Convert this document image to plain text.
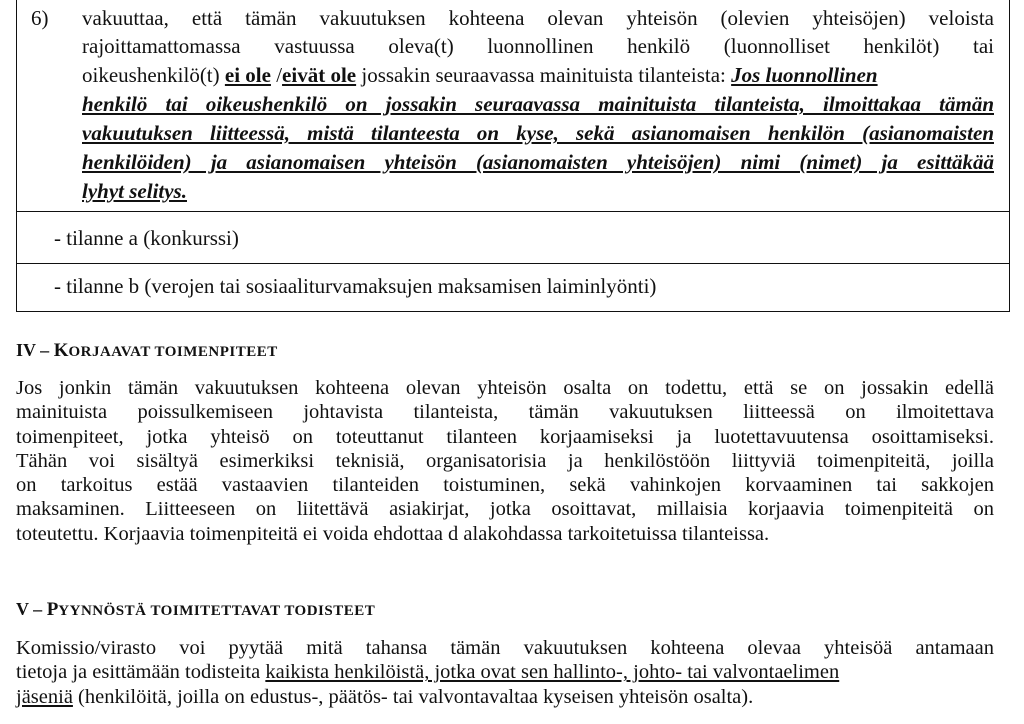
6) vakuuttaa, että tämän vakuutuksen kohteena olevan yhteisön (olevien yhteisöjen) veloista
rajoittamattomassa vastuussa oleva(t) luonnollinen henkilö (luonnolliset henkilöt) tai
oikeushenkilö(t) ei ole /eivät ole jossakin seuraavassa mainituista tilanteista: Jos luonnollinen
henkilö tai oikeushenkilö on jossakin seuraavassa mainituista tilanteista, ilmoittakaa tämän
vakuutuksen liitteessä, mistä tilanteesta on kyse, sekä asianomaisen henkilön (asianomaisten
henkilöiden) ja asianomaisen yhteisön (asianomaisten yhteisöjen) nimi (nimet) ja esittäkää
lyhyt selitys.
- tilanne a (konkurssi)
- tilanne b (verojen tai sosiaaliturvamaksujen maksamisen laiminlyönti)
IV – KORJAAVAT TOIMENPITEET
Jos jonkin tämän vakuutuksen kohteena olevan yhteisön osalta on todettu, että se on jossakin edellä
mainituista poissulkemiseen johtavista tilanteista, tämän vakuutuksen liitteessä on ilmoitettava
toimenpiteet, jotka yhteisö on toteuttanut tilanteen korjaamiseksi ja luotettavuutensa osoittamiseksi.
Tähän voi sisältyä esimerkiksi teknisiä, organisatorisia ja henkilöstöön liittyviä toimenpiteitä, joilla
on tarkoitus estää vastaavien tilanteiden toistuminen, sekä vahinkojen korvaaminen tai sakkojen
maksaminen. Liitteeseen on liitettävä asiakirjat, jotka osoittavat, millaisia korjaavia toimenpiteitä on
toteutettu. Korjaavia toimenpiteitä ei voida ehdottaa d alakohdassa tarkoitetuissa tilanteissa.
V – PYYNNÖSTÄ TOIMITETTAVAT TODISTEET
Komissio/virasto voi pyytää mitä tahansa tämän vakuutuksen kohteena olevaa yhteisöä antamaan
tietoja ja esittämään todisteita kaikista henkilöistä, jotka ovat sen hallinto-, johto- tai valvontaelimen
jäseniä (henkilöitä, joilla on edustus-, päätös- tai valvontavaltaa kyseisen yhteisön osalta).
